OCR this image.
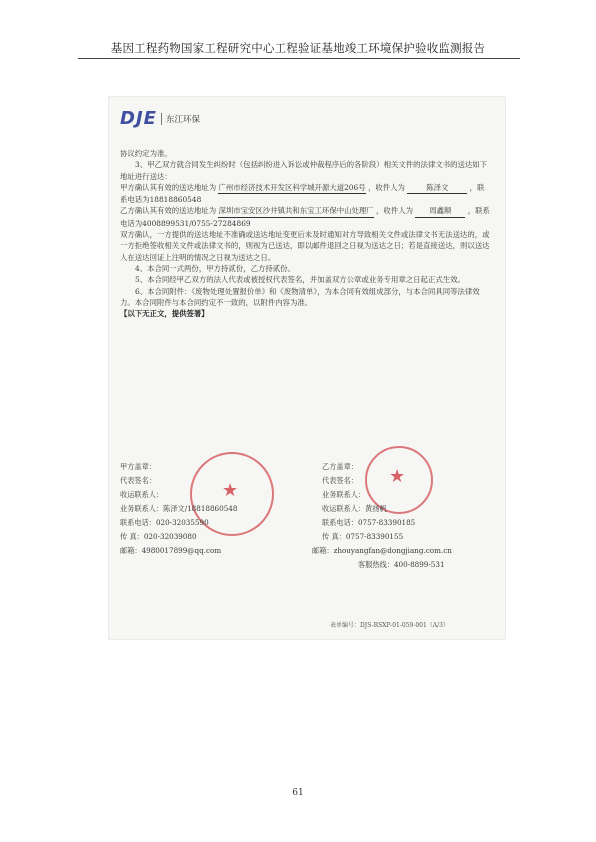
基因工程药物国家工程研究中心工程验证基地竣工环境保护验收监测报告
DJE	东江环保

协议约定为准。

3、甲乙双方就合同发生纠纷时（包括纠纷进入诉讼或仲裁程序后的各阶段）相关文件的法律文书的送达如下地址进行送达：

甲方确认其有效的送达地址为 广州市经济技术开发区科学城开源大道206号 ，收件人为	陈泽文	，联系电话为18818860548

乙方确认其有效的送达地址为 深圳市宝安区沙井镇共和东宝工环保中山处理厂 ，收件人为 周鑫顺 ，联系电话为4008899531/0755-27284869

双方确认，一方提供的送达地址不准确或送达地址变更后未及时通知对方导致相关文件或法律文书无法送达的，或一方拒绝签收相关文件或法律文书的，则视为已送达，即以邮件退回之日视为送达之日；若是直接送达，则以送达人在送达回证上注明的情况之日视为送达之日。

4、本合同一式两份，甲方持贰份，乙方持贰份。

5、本合同经甲乙双方的法人代表或被授权代表签名，并加盖双方公章或业务专用章之日起正式生效。

6、本合同附件：《废物处理处置报价单》和《废物清单》，为本合同有效组成部分，与本合同具同等法律效力。本合同附件与本合同约定不一致的，以附件内容为准。

【以下无正文，提供签署】

★
★
甲方盖章：
代表签名：
收运联系人：
业务联系人：陈泽文/18818860548
联系电话：020-32035590
传 真：020-32039080
邮箱：4980017899@qq.com
乙方盖章：
代表签名：
业务联系人：
收运联系人：黄扬帆
联系电话：0757-83390185
传 真：0757-83390155
邮箱：zhouyangfan@dongjiang.com.cn
客服热线：400-8899-531
表单编号：DJS-RSXP-01-059-001（A/3）
61
